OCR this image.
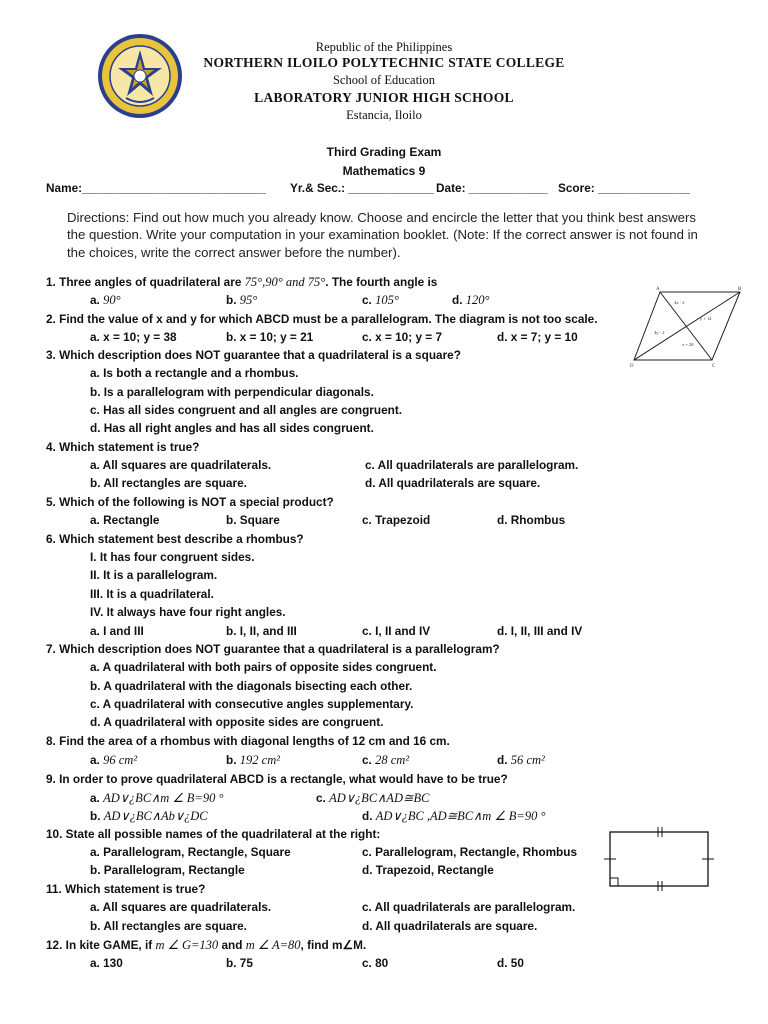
Republic of the Philippines
NORTHERN ILOILO POLYTECHNIC STATE COLLEGE
School of Education
LABORATORY JUNIOR HIGH SCHOOL
Estancia, Iloilo
Third Grading Exam
Mathematics 9
Name:____________________________ Yr.& Sec.: _____________ Date: ____________ Score: ______________
Directions: Find out how much you already know. Choose and encircle the letter that you think best answers the question. Write your computation in your examination booklet. (Note: If the correct answer is not found in the choices, write the correct answer before the number).
1. Three angles of quadrilateral are 75°,90° and 75°. The fourth angle is
a. 90°	b. 95°	c. 105°	d. 120°
A	B
C
D
4x - 2
y + 14
4y - 2
x + 28
2. Find the value of x and y for which ABCD must be a parallelogram. The diagram is not too scale.
a. x = 10; y = 38	b. x = 10; y = 21	c. x = 10; y = 7	d. x = 7; y = 10
3. Which description does NOT guarantee that a quadrilateral is a square?
a. Is both a rectangle and a rhombus.
b. Is a parallelogram with perpendicular diagonals.
c. Has all sides congruent and all angles are congruent.
d. Has all right angles and has all sides congruent.
4. Which statement is true?
a. All squares are quadrilaterals.	c. All quadrilaterals are parallelogram.
b. All rectangles are square.	d. All quadrilaterals are square.
5. Which of the following is NOT a special product?
a. Rectangle	b. Square	c. Trapezoid	d. Rhombus
6. Which statement best describe a rhombus?
I. It has four congruent sides.
II. It is a parallelogram.
III. It is a quadrilateral.
IV. It always have four right angles.
a. I and III	b. I, II, and III	c. I, II and IV	d. I, II, III and IV
7. Which description does NOT guarantee that a quadrilateral is a parallelogram?
a. A quadrilateral with both pairs of opposite sides congruent.
b. A quadrilateral with the diagonals bisecting each other.
c. A quadrilateral with consecutive angles supplementary.
d. A quadrilateral with opposite sides are congruent.
8. Find the area of a rhombus with diagonal lengths of 12 cm and 16 cm.
a. 96 cm²	b. 192 cm²	c. 28 cm²	d. 56 cm²
9. In order to prove quadrilateral ABCD is a rectangle, what would have to be true?
a. AD∨¿BC∧m ∠ B=90 °	c. AD∨¿BC∧AD≅BC
b. AD∨¿BC∧Ab∨¿DC	d. AD∨¿BC ,AD≅BC∧m ∠ B=90 °
10. State all possible names of the quadrilateral at the right:
a. Parallelogram, Rectangle, Square	c. Parallelogram, Rectangle, Rhombus
b. Parallelogram, Rectangle	d. Trapezoid, Rectangle
11. Which statement is true?
a. All squares are quadrilaterals.	c. All quadrilaterals are parallelogram.
b. All rectangles are square.	d. All quadrilaterals are square.
12. In kite GAME, if m ∠ G=130 and m ∠ A=80, find m∠M.
a. 130	b. 75	c. 80	d. 50
